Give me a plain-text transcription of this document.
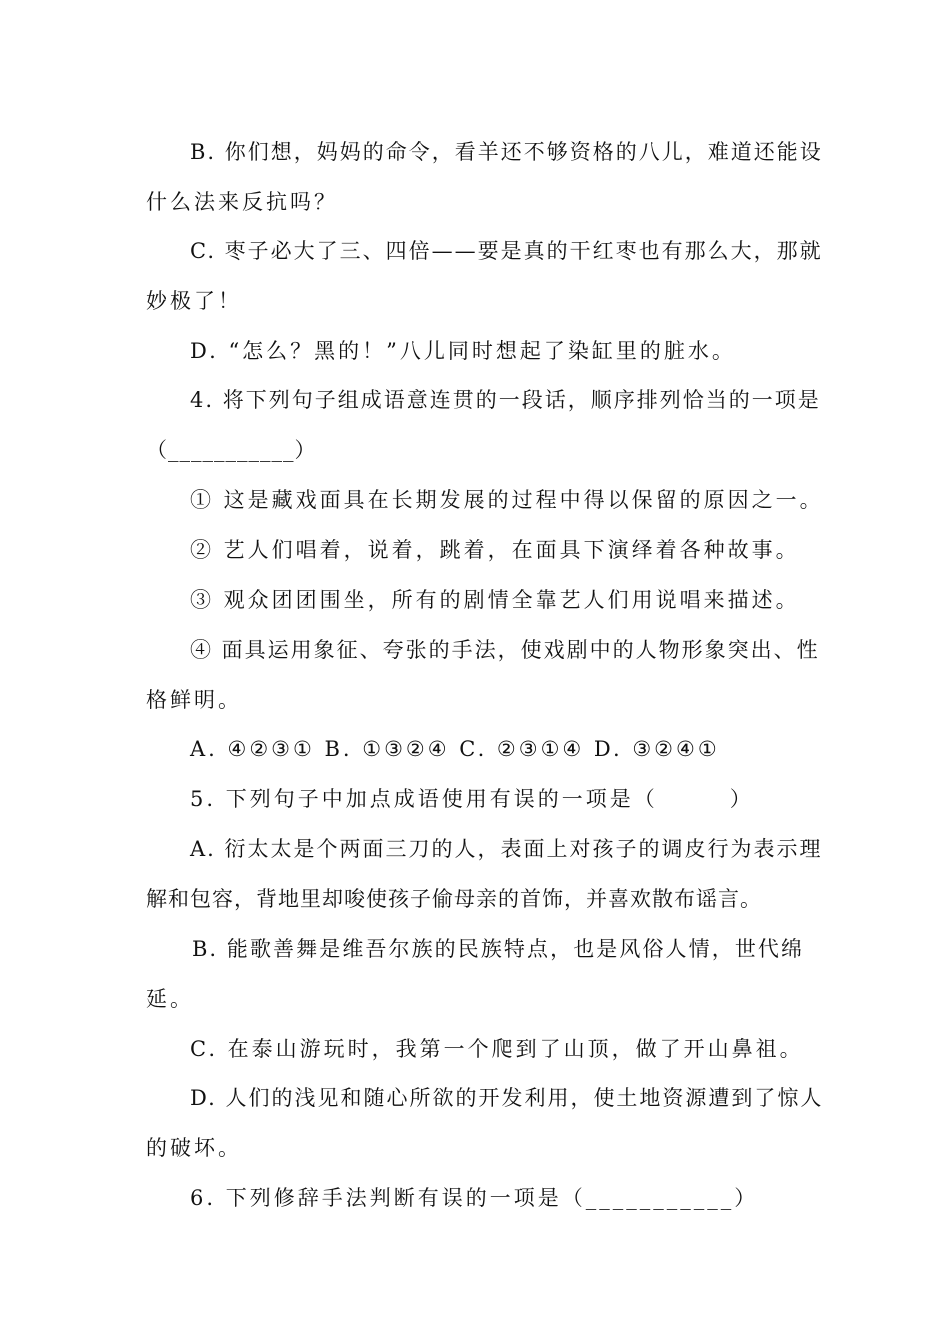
B. 你们想，妈妈的命令，看羊还不够资格的八儿，难道还能设
什么法来反抗吗？
C. 枣子必大了三、四倍——要是真的干红枣也有那么大，那就
妙极了！
D. “怎么？黑的！”八儿同时想起了染缸里的脏水。
4. 将下列句子组成语意连贯的一段话，顺序排列恰当的一项是
（___________）
① 这是藏戏面具在长期发展的过程中得以保留的原因之一。
② 艺人们唱着，说着，跳着，在面具下演绎着各种故事。
③ 观众团团围坐，所有的剧情全靠艺人们用说唱来描述。
④ 面具运用象征、夸张的手法，使戏剧中的人物形象突出、性
格鲜明。
A. ④②③① B. ①③②④ C. ②③①④ D. ③②④①
5. 下列句子中加点成语使用有误的一项是（　　　）
A. 衍太太是个两面三刀的人，表面上对孩子的调皮行为表示理
解和包容，背地里却唆使孩子偷母亲的首饰，并喜欢散布谣言。
B. 能歌善舞是维吾尔族的民族特点，也是风俗人情，世代绵
延。
C. 在泰山游玩时，我第一个爬到了山顶，做了开山鼻祖。
D. 人们的浅见和随心所欲的开发利用，使土地资源遭到了惊人
的破坏。
6. 下列修辞手法判断有误的一项是（___________）
